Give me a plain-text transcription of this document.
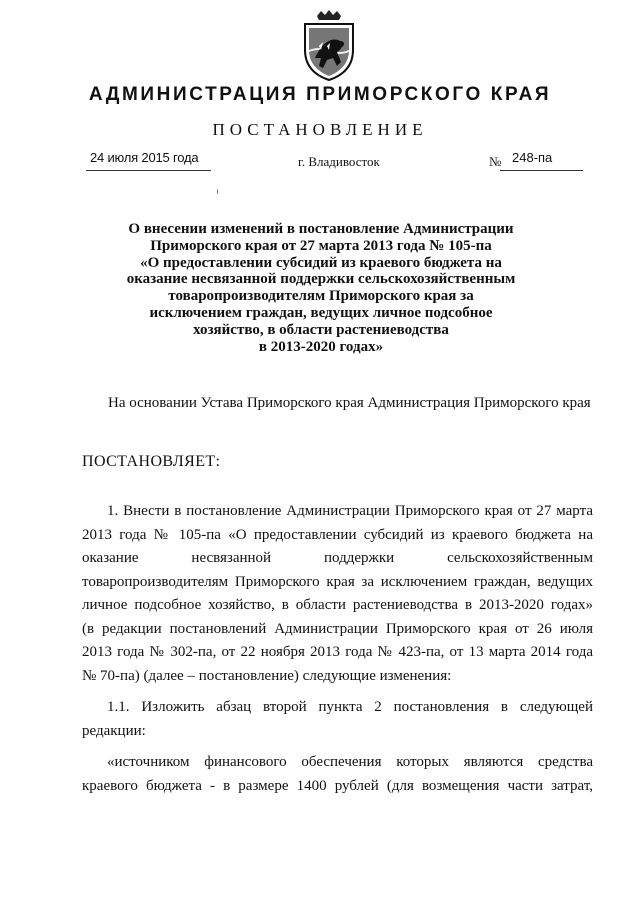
АДМИНИСТРАЦИЯ ПРИМОРСКОГО КРАЯ
ПОСТАНОВЛЕНИЕ
24 июля 2015 года	г. Владивосток	№ 248-па
О внесении изменений в постановление Администрации
Приморского края от 27 марта 2013 года № 105-па
«О предоставлении субсидий из краевого бюджета на
оказание несвязанной поддержки сельскохозяйственным
товаропроизводителям Приморского края за
исключением граждан, ведущих личное подсобное
хозяйство, в области растениеводства
в 2013-2020 годах»
На основании Устава Приморского края Администрация Приморского края
ПОСТАНОВЛЯЕТ:
1. Внести в постановление Администрации Приморского края от 27 марта
2013 года № 105-па «О предоставлении субсидий из краевого бюджета на
оказание несвязанной поддержки сельскохозяйственным
товаропроизводителям Приморского края за исключением граждан, ведущих
личное подсобное хозяйство, в области растениеводства в 2013-2020 годах»
(в редакции постановлений Администрации Приморского края от 26 июля
2013 года № 302-па, от 22 ноября 2013 года № 423-па, от 13 марта 2014 года
№ 70-па) (далее – постановление) следующие изменения:
1.1. Изложить абзац второй пункта 2 постановления в следующей
редакции:
«источником финансового обеспечения которых являются средства
краевого бюджета - в размере 1400 рублей (для возмещения части затрат,
